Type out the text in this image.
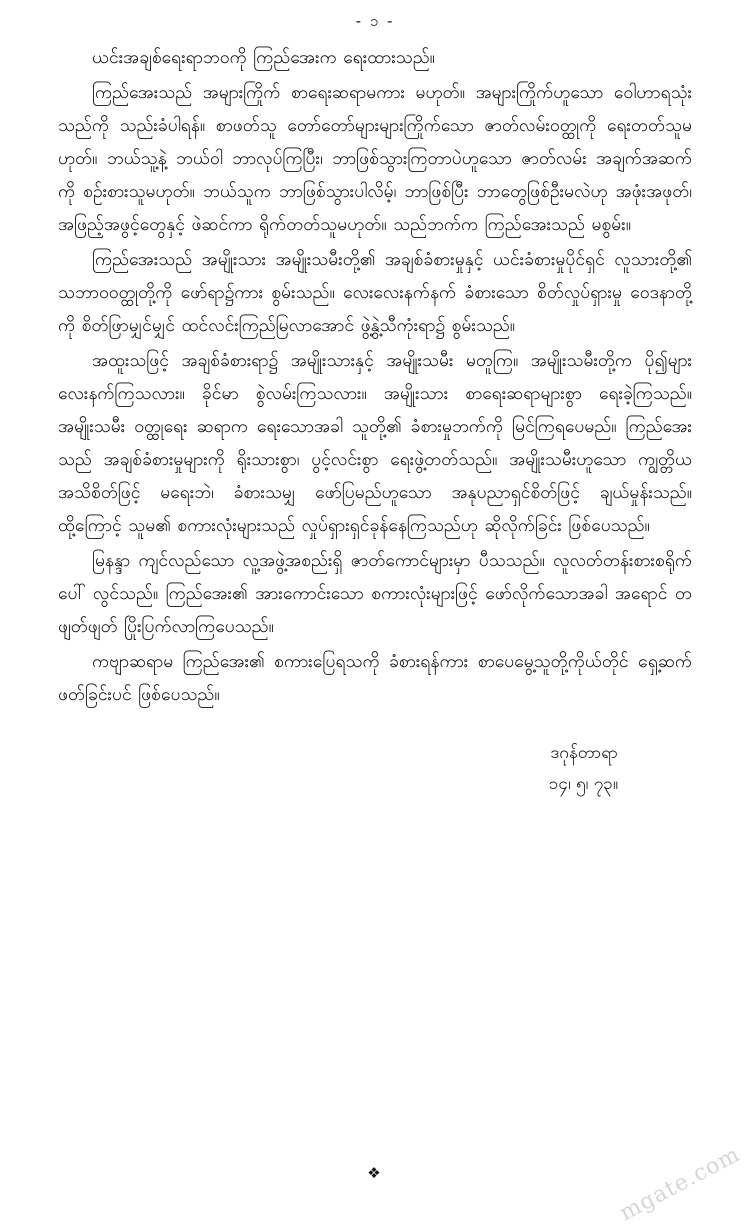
- ၁ -

ယင်းအချစ်ရေးရာဘဝကို ကြည်အေးက ရေးထားသည်။

ကြည်အေးသည် အများကြိုက် စာရေးဆရာမကား မဟုတ်။ အများကြိုက်ဟူသော ဝေါဟာရသုံးသည်ကို သည်းခံပါရန်။ စာဖတ်သူ တော်တော်များများကြိုက်သော ဇာတ်လမ်းဝတ္ထုကို ရေးတတ်သူမဟုတ်။ ဘယ်သူ့နဲ့ ဘယ်ဝါ ဘာလုပ်ကြပြီး၊ ဘာဖြစ်သွားကြတာပဲဟူသော ဇာတ်လမ်း အချက်အဆက်ကို စဉ်းစားသူမဟုတ်။ ဘယ်သူက ဘာဖြစ်သွားပါလိမ့်၊ ဘာဖြစ်ပြီး ဘာတွေဖြစ်ဦးမလဲဟု အဖုံးအဖုတ်၊ အဖြည့်အဖွင့်တွေနှင့် ဖဲဆင်ကာ ရိုက်တတ်သူမဟုတ်။ သည်ဘက်က ကြည်အေးသည် မစွမ်း။

ကြည်အေးသည် အမျိုးသား အမျိုးသမီးတို့၏ အချစ်ခံစားမှုနှင့် ယင်းခံစားမှုပိုင်ရှင် လူသားတို့၏ သဘာဝဝတ္ထုတို့ကို ဖော်ရာ၌ကား စွမ်းသည်။ လေးလေးနက်နက် ခံစားသော စိတ်လှုပ်ရှားမှု ဝေဒနာတို့ကို စိတ်ဖြာမျှင်မျှင် ထင်လင်းကြည်မြလာအောင် ဖွဲ့နွဲ့သီကုံးရာ၌ စွမ်းသည်။

အထူးသဖြင့် အချစ်ခံစားရာ၌ အမျိုးသားနှင့် အမျိုးသမီး မတူကြ။ အမျိုးသမီးတို့က ပို၍များ လေးနက်ကြသလား။ ခိုင်မာ စွဲလမ်းကြသလား။ အမျိုးသား စာရေးဆရာများစွာ ရေးခဲ့ကြသည်။ အမျိုးသမီး ဝတ္ထုရေး ဆရာက ရေးသောအခါ သူတို့၏ ခံစားမှုဘက်ကို မြင်ကြရပေမည်။ ကြည်အေးသည် အချစ်ခံစားမှုများကို ရိုးသားစွာ၊ ပွင့်လင်းစွာ ရေးဖွဲ့တတ်သည်။ အမျိုးသမီးဟူသော ကျွတ္တိယအသိစိတ်ဖြင့် မရေးဘဲ၊ ခံစားသမျှ ဖော်ပြမည်ဟူသော အနုပညာရှင်စိတ်ဖြင့် ချယ်မှုန်းသည်။ ထို့ကြောင့် သူမ၏ စကားလုံးများသည် လှုပ်ရှားရှင်ခုန်နေကြသည်ဟု ဆိုလိုက်ခြင်း ဖြစ်ပေသည်။

မြနန္ဒာ ကျင်လည်သော လူ့အဖွဲ့အစည်းရှိ ဇာတ်ကောင်များမှာ ပီသသည်။ လူလတ်တန်းစားစရိုက် ပေါ် လွင်သည်။ ကြည်အေး၏ အားကောင်းသော စကားလုံးများဖြင့် ဖော်လိုက်သောအခါ အရောင် တဖျတ်ဖျတ် ပြိုးပြက်လာကြပေသည်။

ကဗျာဆရာမ ကြည်အေး၏ စကားပြေရသကို ခံစားရန်ကား စာပေမွေ့သူတို့ကိုယ်တိုင် ရှေ့ဆက်ဖတ်ခြင်းပင် ဖြစ်ပေသည်။

ဒဂုန်တာရာ
၁၄၊ ၅၊ ၇၃။
❖	mgate.com
